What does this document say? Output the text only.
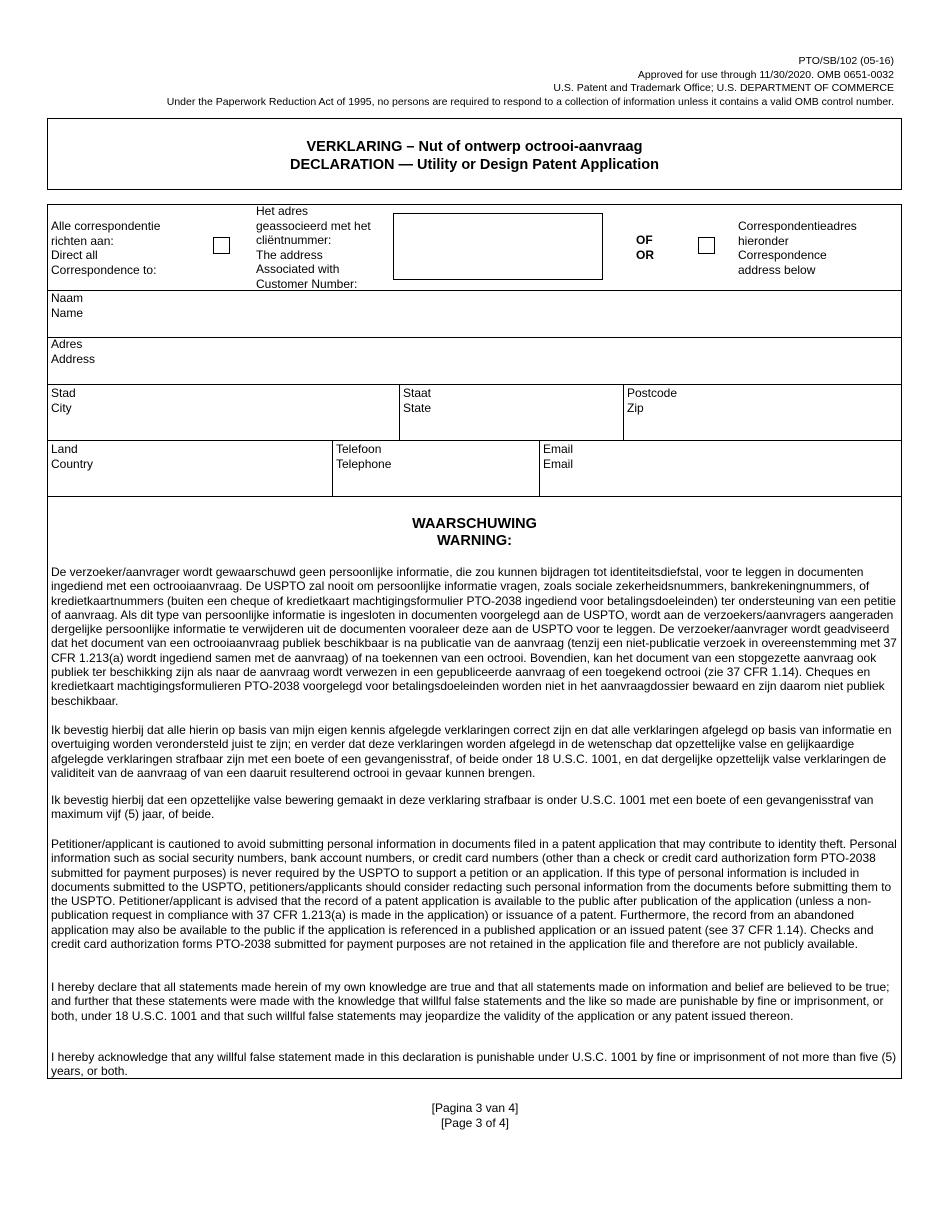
PTO/SB/102 (05-16)
Approved for use through 11/30/2020. OMB 0651-0032
U.S. Patent and Trademark Office; U.S. DEPARTMENT OF COMMERCE
Under the Paperwork Reduction Act of 1995, no persons are required to respond to a collection of information unless it contains a valid OMB control number.
VERKLARING – Nut of ontwerp octrooi-aanvraag
DECLARATION — Utility or Design Patent Application
Alle correspondentie
richten aan:
Direct all
Correspondence to:
Het adres
geassocieerd met het
cliëntnummer:
The address
Associated with
Customer Number:
OF
OR
Correspondentieadres
hieronder
Correspondence
address below
Naam
Name
Adres
Address
Stad
City
Staat
State
Postcode
Zip
Land
Country
Telefoon
Telephone
Email
Email
WAARSCHUWING
WARNING:
De verzoeker/aanvrager wordt gewaarschuwd geen persoonlijke informatie, die zou kunnen bijdragen tot identiteitsdiefstal, voor te leggen in documenten ingediend met een octrooiaanvraag. De USPTO zal nooit om persoonlijke informatie vragen, zoals sociale zekerheidsnummers, bankrekeningnummers, of kredietkaartnummers (buiten een cheque of kredietkaart machtigingsformulier PTO-2038 ingediend voor betalingsdoeleinden) ter ondersteuning van een petitie of aanvraag. Als dit type van persoonlijke informatie is ingesloten in documenten voorgelegd aan de USPTO, wordt aan de verzoekers/aanvragers aangeraden dergelijke persoonlijke informatie te verwijderen uit de documenten vooraleer deze aan de USPTO voor te leggen. De verzoeker/aanvrager wordt geadviseerd dat het document van een octrooiaanvraag publiek beschikbaar is na publicatie van de aanvraag (tenzij een niet-publicatie verzoek in overeenstemming met 37 CFR 1.213(a) wordt ingediend samen met de aanvraag) of na toekennen van een octrooi. Bovendien, kan het document van een stopgezette aanvraag ook publiek ter beschikking zijn als naar de aanvraag wordt verwezen in een gepubliceerde aanvraag of een toegekend octrooi (zie 37 CFR 1.14). Cheques en kredietkaart machtigingsformulieren PTO-2038 voorgelegd voor betalingsdoeleinden worden niet in het aanvraagdossier bewaard en zijn daarom niet publiek beschikbaar.
Ik bevestig hierbij dat alle hierin op basis van mijn eigen kennis afgelegde verklaringen correct zijn en dat alle verklaringen afgelegd op basis van informatie en overtuiging worden verondersteld juist te zijn; en verder dat deze verklaringen worden afgelegd in de wetenschap dat opzettelijke valse en gelijkaardige afgelegde verklaringen strafbaar zijn met een boete of een gevangenisstraf, of beide onder 18 U.S.C. 1001, en dat dergelijke opzettelijk valse verklaringen de validiteit van de aanvraag of van een daaruit resulterend octrooi in gevaar kunnen brengen.
Ik bevestig hierbij dat een opzettelijke valse bewering gemaakt in deze verklaring strafbaar is onder U.S.C. 1001 met een boete of een gevangenisstraf van maximum vijf (5) jaar, of beide.
Petitioner/applicant is cautioned to avoid submitting personal information in documents filed in a patent application that may contribute to identity theft. Personal information such as social security numbers, bank account numbers, or credit card numbers (other than a check or credit card authorization form PTO-2038 submitted for payment purposes) is never required by the USPTO to support a petition or an application. If this type of personal information is included in documents submitted to the USPTO, petitioners/applicants should consider redacting such personal information from the documents before submitting them to the USPTO. Petitioner/applicant is advised that the record of a patent application is available to the public after publication of the application (unless a non-publication request in compliance with 37 CFR 1.213(a) is made in the application) or issuance of a patent. Furthermore, the record from an abandoned application may also be available to the public if the application is referenced in a published application or an issued patent (see 37 CFR 1.14). Checks and credit card authorization forms PTO-2038 submitted for payment purposes are not retained in the application file and therefore are not publicly available.
I hereby declare that all statements made herein of my own knowledge are true and that all statements made on information and belief are believed to be true; and further that these statements were made with the knowledge that willful false statements and the like so made are punishable by fine or imprisonment, or both, under 18 U.S.C. 1001 and that such willful false statements may jeopardize the validity of the application or any patent issued thereon.
I hereby acknowledge that any willful false statement made in this declaration is punishable under U.S.C. 1001 by fine or imprisonment of not more than five (5) years, or both.
[Pagina 3 van 4]
[Page 3 of 4]
